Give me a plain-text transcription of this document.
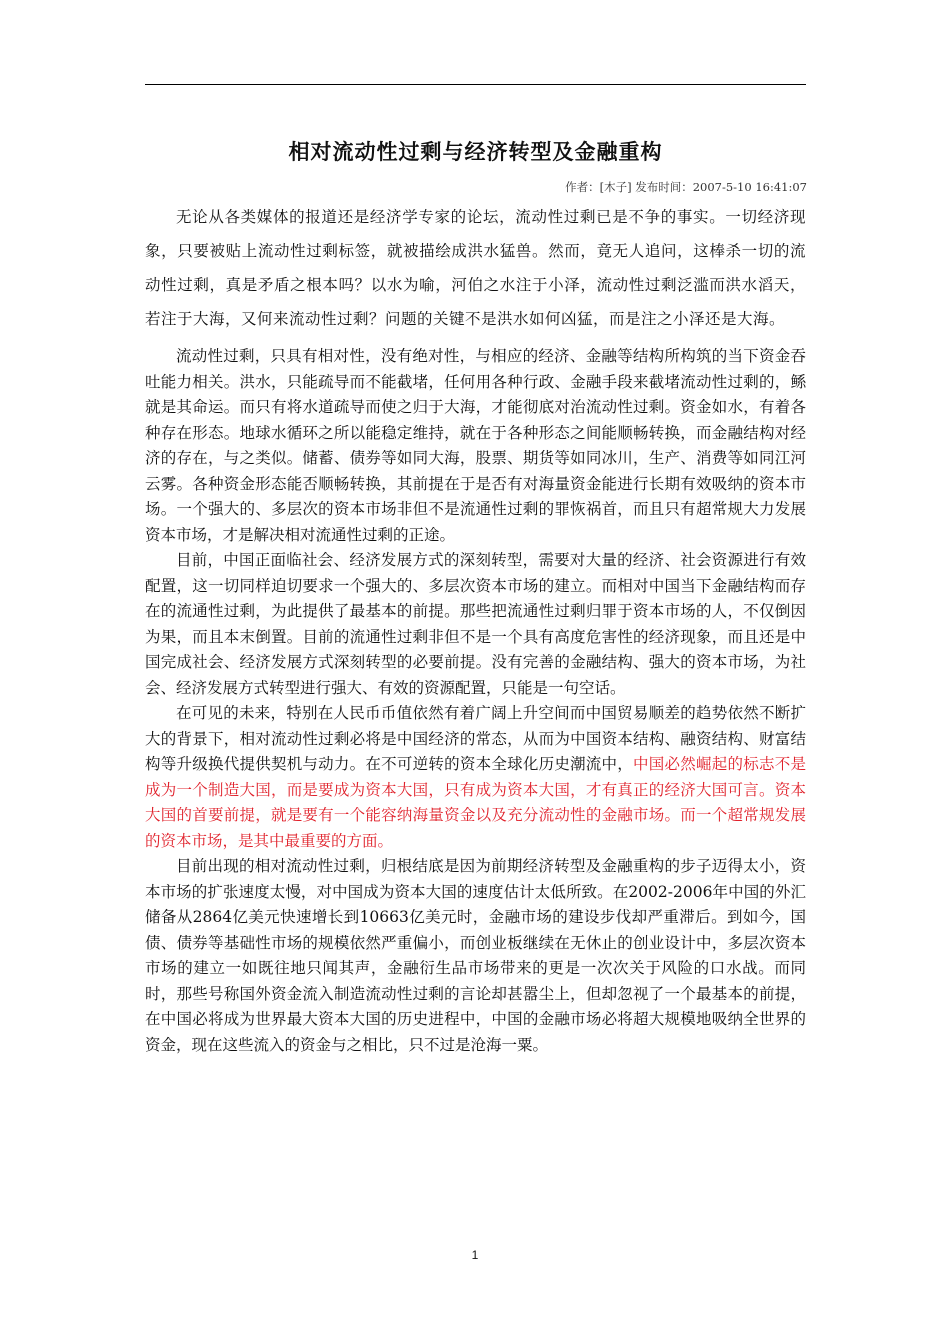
相对流动性过剩与经济转型及金融重构

作者：[木子] 发布时间：2007-5-10 16:41:07

无论从各类媒体的报道还是经济学专家的论坛，流动性过剩已是不争的事实。一切经济现象，只要被贴上流动性过剩标签，就被描绘成洪水猛兽。然而，竟无人追问，这棒杀一切的流动性过剩，真是矛盾之根本吗？以水为喻，河伯之水注于小泽，流动性过剩泛滥而洪水滔天，若注于大海，又何来流动性过剩？问题的关键不是洪水如何凶猛，而是注之小泽还是大海。

流动性过剩，只具有相对性，没有绝对性，与相应的经济、金融等结构所构筑的当下资金吞吐能力相关。洪水，只能疏导而不能截堵，任何用各种行政、金融手段来截堵流动性过剩的，鲧就是其命运。而只有将水道疏导而使之归于大海，才能彻底对治流动性过剩。资金如水，有着各种存在形态。地球水循环之所以能稳定维持，就在于各种形态之间能顺畅转换，而金融结构对经济的存在，与之类似。储蓄、债券等如同大海，股票、期货等如同冰川，生产、消费等如同江河云雾。各种资金形态能否顺畅转换，其前提在于是否有对海量资金能进行长期有效吸纳的资本市场。一个强大的、多层次的资本市场非但不是流通性过剩的罪恢祸首，而且只有超常规大力发展资本市场，才是解决相对流通性过剩的正途。

目前，中国正面临社会、经济发展方式的深刻转型，需要对大量的经济、社会资源进行有效配置，这一切同样迫切要求一个强大的、多层次资本市场的建立。而相对中国当下金融结构而存在的流通性过剩，为此提供了最基本的前提。那些把流通性过剩归罪于资本市场的人，不仅倒因为果，而且本末倒置。目前的流通性过剩非但不是一个具有高度危害性的经济现象，而且还是中国完成社会、经济发展方式深刻转型的必要前提。没有完善的金融结构、强大的资本市场，为社会、经济发展方式转型进行强大、有效的资源配置，只能是一句空话。

在可见的未来，特别在人民币币值依然有着广阔上升空间而中国贸易顺差的趋势依然不断扩大的背景下，相对流动性过剩必将是中国经济的常态，从而为中国资本结构、融资结构、财富结构等升级换代提供契机与动力。在不可逆转的资本全球化历史潮流中，中国必然崛起的标志不是成为一个制造大国，而是要成为资本大国，只有成为资本大国，才有真正的经济大国可言。资本大国的首要前提，就是要有一个能容纳海量资金以及充分流动性的金融市场。而一个超常规发展的资本市场，是其中最重要的方面。

目前出现的相对流动性过剩，归根结底是因为前期经济转型及金融重构的步子迈得太小，资本市场的扩张速度太慢，对中国成为资本大国的速度估计太低所致。在2002-2006年中国的外汇储备从2864亿美元快速增长到10663亿美元时，金融市场的建设步伐却严重滞后。到如今，国债、债券等基础性市场的规模依然严重偏小，而创业板继续在无休止的创业设计中，多层次资本市场的建立一如既往地只闻其声，金融衍生品市场带来的更是一次次关于风险的口水战。而同时，那些号称国外资金流入制造流动性过剩的言论却甚嚣尘上，但却忽视了一个最基本的前提，在中国必将成为世界最大资本大国的历史进程中，中国的金融市场必将超大规模地吸纳全世界的资金，现在这些流入的资金与之相比，只不过是沧海一粟。

1
